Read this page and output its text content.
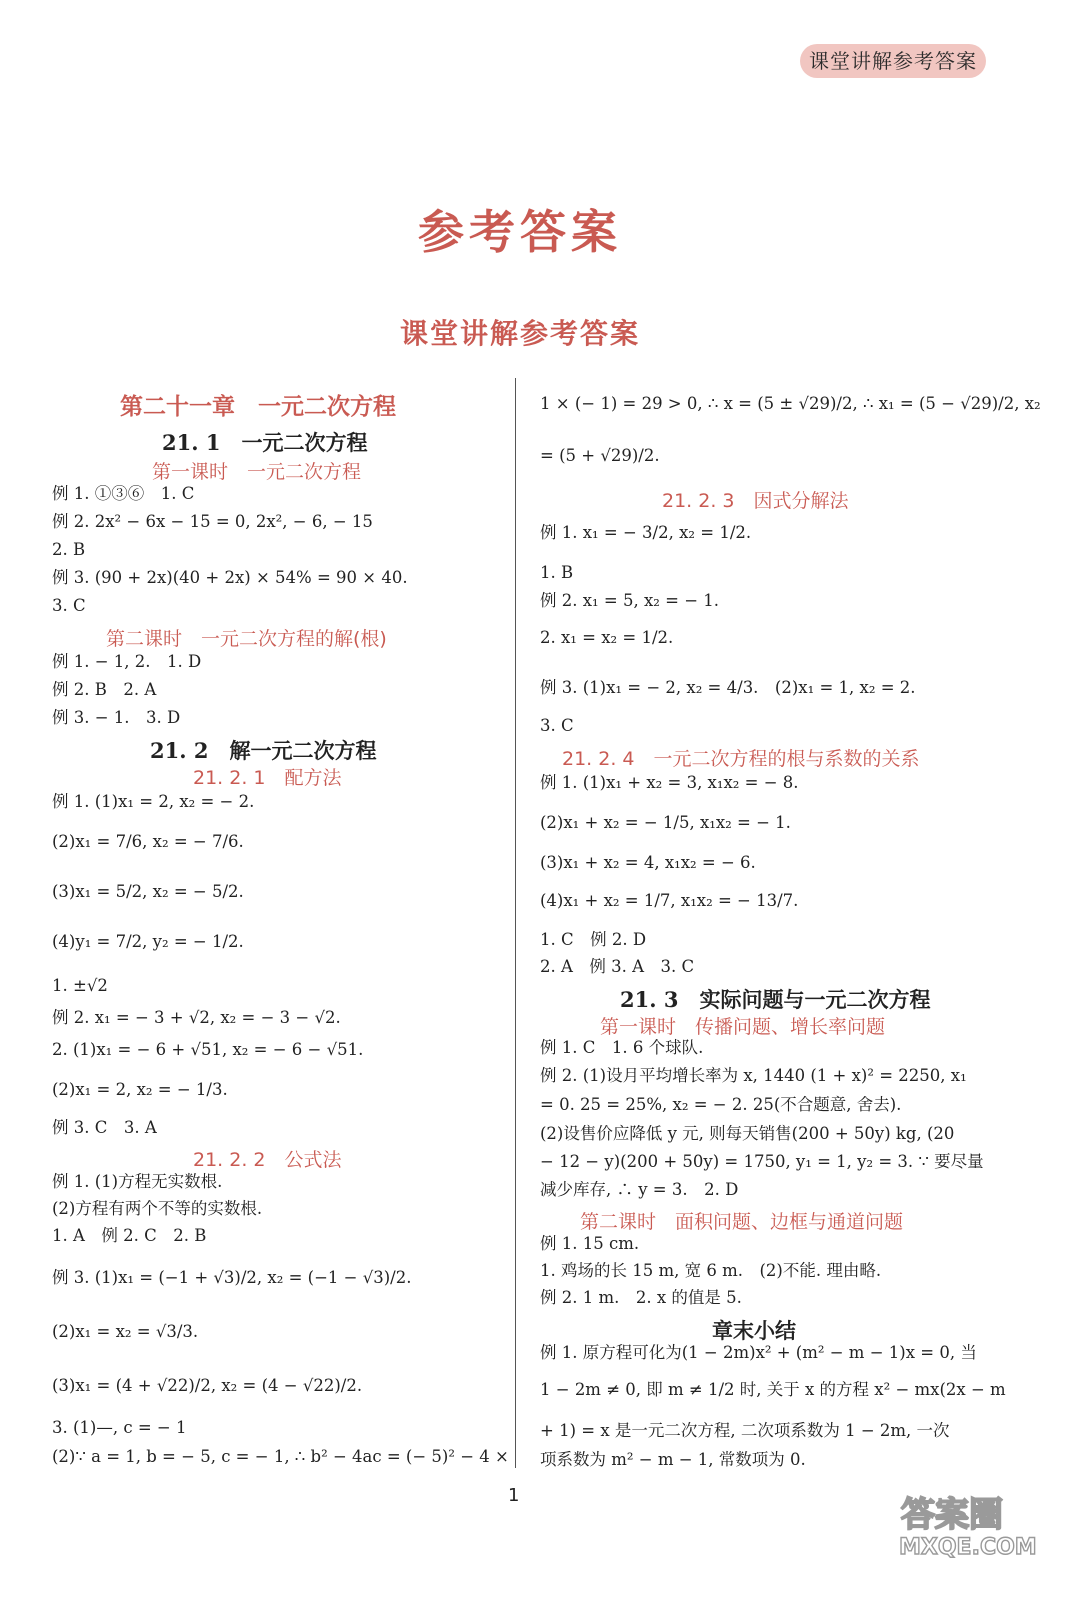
课堂讲解参考答案
参考答案
课堂讲解参考答案
第二十一章　一元二次方程
21. 1　一元二次方程
第一课时　一元二次方程
例 1. ①③⑥　1. C
例 2. 2x² − 6x − 15 = 0, 2x², − 6, − 15
2. B
例 3. (90 + 2x)(40 + 2x) × 54% = 90 × 40.
3. C
第二课时　一元二次方程的解(根)
例 1. − 1, 2.　1. D
例 2. B　2. A
例 3. − 1.　3. D
21. 2　解一元二次方程
21. 2. 1　配方法
例 1. (1)x₁ = 2, x₂ = − 2.
(2)x₁ = 7/6, x₂ = − 7/6.
(3)x₁ = 5/2, x₂ = − 5/2.
(4)y₁ = 7/2, y₂ = − 1/2.
1. ±√2
例 2. x₁ = − 3 + √2, x₂ = − 3 − √2.
2. (1)x₁ = − 6 + √51, x₂ = − 6 − √51.
(2)x₁ = 2, x₂ = − 1/3.
例 3. C　3. A
21. 2. 2　公式法
例 1. (1)方程无实数根.
(2)方程有两个不等的实数根.
1. A　例 2. C　2. B
例 3. (1)x₁ = (−1 + √3)/2, x₂ = (−1 − √3)/2.
(2)x₁ = x₂ = √3/3.
(3)x₁ = (4 + √22)/2, x₂ = (4 − √22)/2.
3. (1)—, c = − 1
(2)∵ a = 1, b = − 5, c = − 1, ∴ b² − 4ac = (− 5)² − 4 ×
1 × (− 1) = 29 > 0, ∴ x = (5 ± √29)/2, ∴ x₁ = (5 − √29)/2, x₂
= (5 + √29)/2.
21. 2. 3　因式分解法
例 1. x₁ = − 3/2, x₂ = 1/2.
1. B
例 2. x₁ = 5, x₂ = − 1.
2. x₁ = x₂ = 1/2.
例 3. (1)x₁ = − 2, x₂ = 4/3.　(2)x₁ = 1, x₂ = 2.
3. C
21. 2. 4　一元二次方程的根与系数的关系
例 1. (1)x₁ + x₂ = 3, x₁x₂ = − 8.
(2)x₁ + x₂ = − 1/5, x₁x₂ = − 1.
(3)x₁ + x₂ = 4, x₁x₂ = − 6.
(4)x₁ + x₂ = 1/7, x₁x₂ = − 13/7.
1. C　例 2. D
2. A　例 3. A　3. C
21. 3　实际问题与一元二次方程
第一课时　传播问题、增长率问题
例 1. C　1. 6 个球队.
例 2. (1)设月平均增长率为 x, 1440 (1 + x)² = 2250, x₁
= 0. 25 = 25%, x₂ = − 2. 25(不合题意, 舍去).
(2)设售价应降低 y 元, 则每天销售(200 + 50y) kg, (20
− 12 − y)(200 + 50y) = 1750, y₁ = 1, y₂ = 3. ∵ 要尽量
减少库存, ∴ y = 3.　2. D
第二课时　面积问题、边框与通道问题
例 1. 15 cm.
1. 鸡场的长 15 m, 宽 6 m.　(2)不能. 理由略.
例 2. 1 m.　2. x 的值是 5.
章末小结
例 1. 原方程可化为(1 − 2m)x² + (m² − m − 1)x = 0, 当
1 − 2m ≠ 0, 即 m ≠ 1/2 时, 关于 x 的方程 x² − mx(2x − m
+ 1) = x 是一元二次方程, 二次项系数为 1 − 2m, 一次
项系数为 m² − m − 1, 常数项为 0.
1	答案圈
MXQE.COM
